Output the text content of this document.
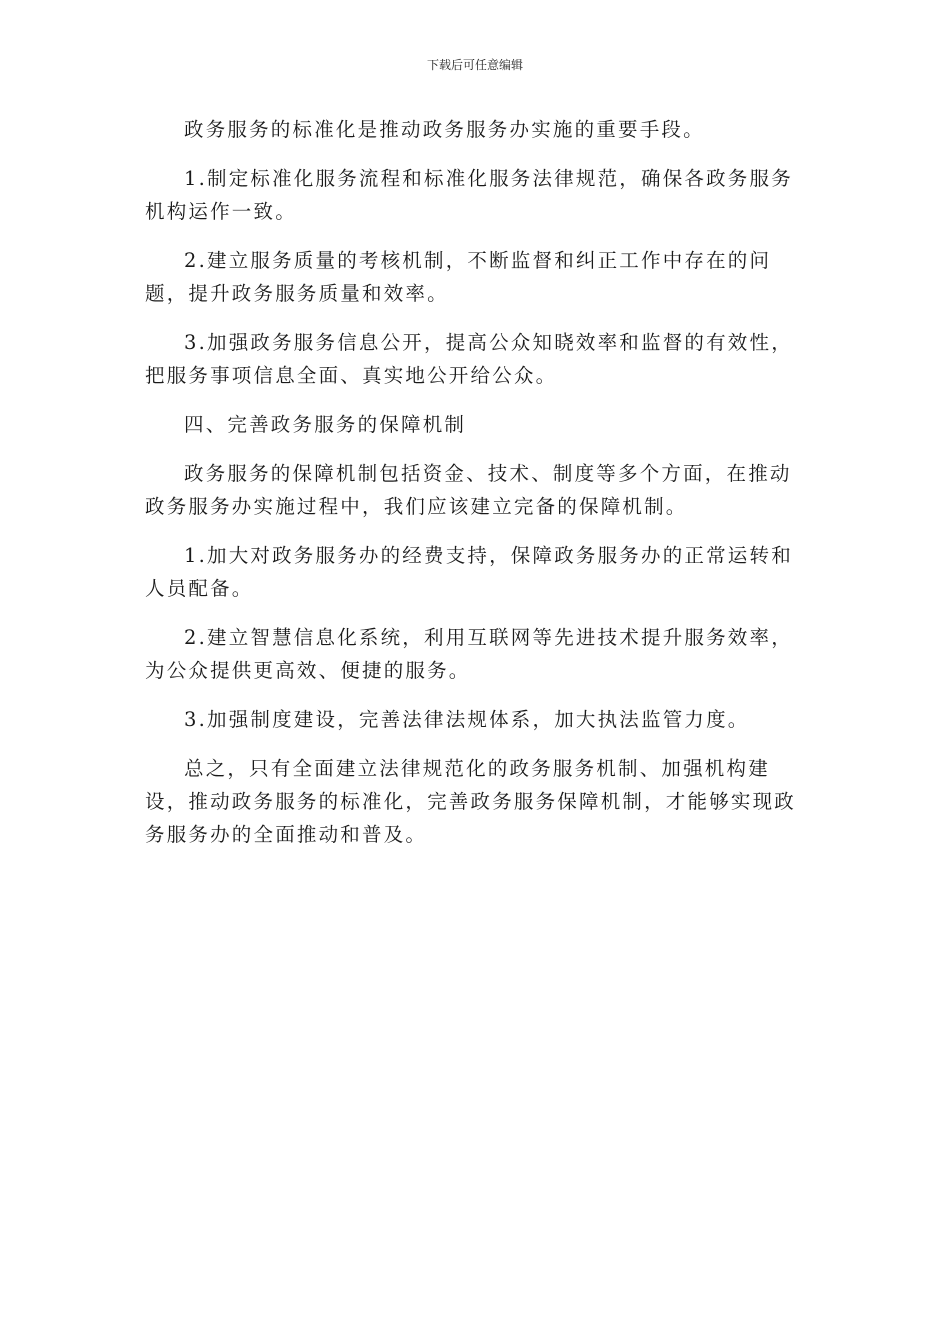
下载后可任意编辑

政务服务的标准化是推动政务服务办实施的重要手段。

1.制定标准化服务流程和标准化服务法律规范，确保各政务服务机构运作一致。

2.建立服务质量的考核机制，不断监督和纠正工作中存在的问题，提升政务服务质量和效率。

3.加强政务服务信息公开，提高公众知晓效率和监督的有效性，把服务事项信息全面、真实地公开给公众。

四、完善政务服务的保障机制

政务服务的保障机制包括资金、技术、制度等多个方面，在推动政务服务办实施过程中，我们应该建立完备的保障机制。

1.加大对政务服务办的经费支持，保障政务服务办的正常运转和人员配备。

2.建立智慧信息化系统，利用互联网等先进技术提升服务效率，为公众提供更高效、便捷的服务。

3.加强制度建设，完善法律法规体系，加大执法监管力度。

总之，只有全面建立法律规范化的政务服务机制、加强机构建设，推动政务服务的标准化，完善政务服务保障机制，才能够实现政务服务办的全面推动和普及。
